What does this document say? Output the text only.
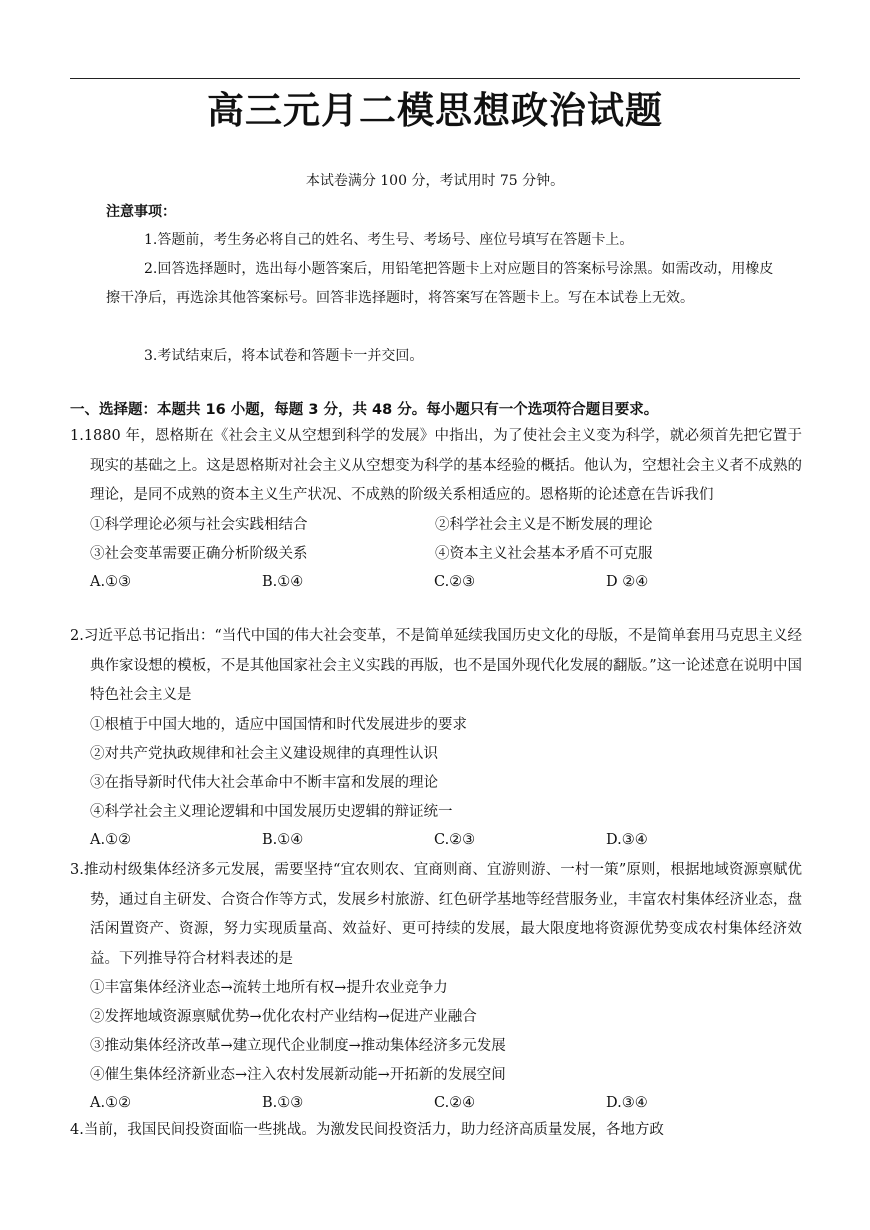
高三元月二模思想政治试题
本试卷满分 100 分，考试用时 75 分钟。
注意事项：
1.答题前，考生务必将自己的姓名、考生号、考场号、座位号填写在答题卡上。
2.回答选择题时，选出每小题答案后，用铅笔把答题卡上对应题目的答案标号涂黑。如需改动，用橡皮擦干净后，再选涂其他答案标号。回答非选择题时，将答案写在答题卡上。写在本试卷上无效。
3.考试结束后，将本试卷和答题卡一并交回。
一、选择题：本题共 16 小题，每题 3 分，共 48 分。每小题只有一个选项符合题目要求。
1.1880 年，恩格斯在《社会主义从空想到科学的发展》中指出，为了使社会主义变为科学，就必须首先把它置于现实的基础之上。这是恩格斯对社会主义从空想变为科学的基本经验的概括。他认为，空想社会主义者不成熟的理论，是同不成熟的资本主义生产状况、不成熟的阶级关系相适应的。恩格斯的论述意在告诉我们
①科学理论必须与社会实践相结合	②科学社会主义是不断发展的理论
③社会变革需要正确分析阶级关系	④资本主义社会基本矛盾不可克服
A.①③	B.①④	C.②③	D ②④
2.习近平总书记指出：“当代中国的伟大社会变革，不是简单延续我国历史文化的母版，不是简单套用马克思主义经典作家设想的模板，不是其他国家社会主义实践的再版，也不是国外现代化发展的翻版。”这一论述意在说明中国特色社会主义是
①根植于中国大地的，适应中国国情和时代发展进步的要求
②对共产党执政规律和社会主义建设规律的真理性认识
③在指导新时代伟大社会革命中不断丰富和发展的理论
④科学社会主义理论逻辑和中国发展历史逻辑的辩证统一
A.①②	B.①④	C.②③	D.③④
3.推动村级集体经济多元发展，需要坚持“宜农则农、宜商则商、宜游则游、一村一策”原则，根据地域资源禀赋优势，通过自主研发、合资合作等方式，发展乡村旅游、红色研学基地等经营服务业，丰富农村集体经济业态，盘活闲置资产、资源，努力实现质量高、效益好、更可持续的发展，最大限度地将资源优势变成农村集体经济效益。下列推导符合材料表述的是
①丰富集体经济业态→流转土地所有权→提升农业竞争力
②发挥地域资源禀赋优势→优化农村产业结构→促进产业融合
③推动集体经济改革→建立现代企业制度→推动集体经济多元发展
④催生集体经济新业态→注入农村发展新动能→开拓新的发展空间
A.①②	B.①③	C.②④	D.③④
4.当前，我国民间投资面临一些挑战。为激发民间投资活力，助力经济高质量发展，各地方政
